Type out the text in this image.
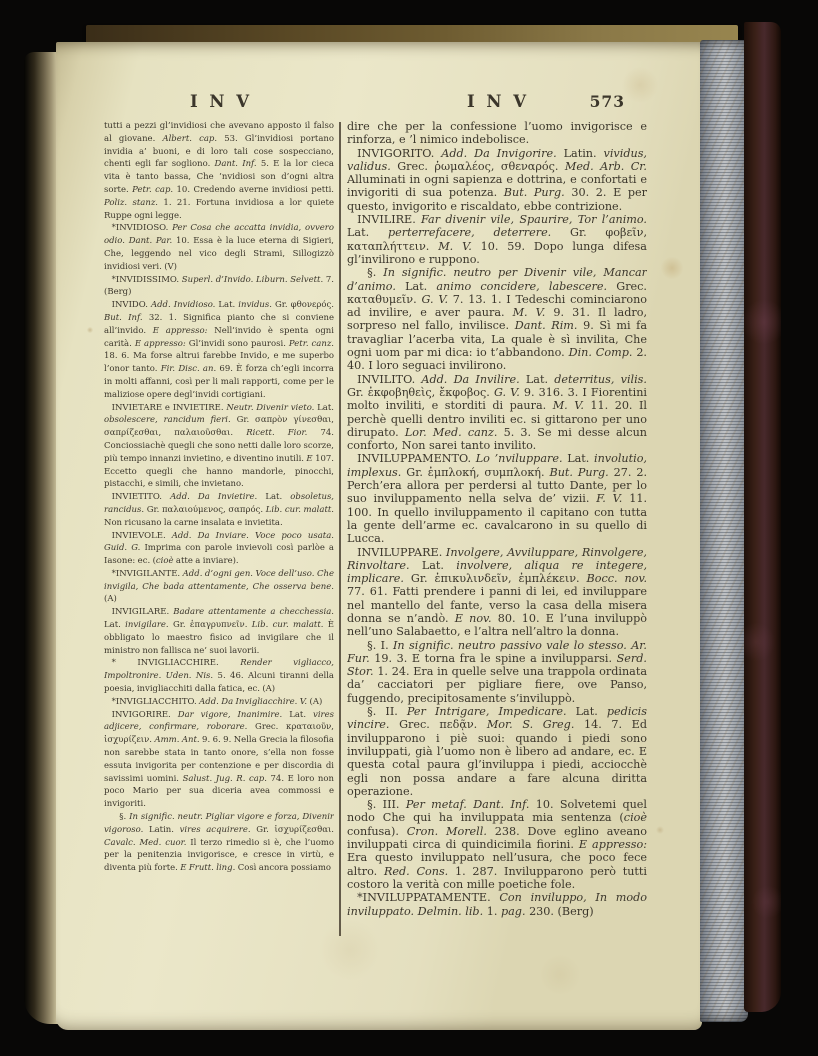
I N V	I N V	573

tutti a pezzi gl’invidiosi che avevano apposto il falso al giovane. Albert. cap. 53. Gl’invidiosi portano invidia a’ buoni, e di loro tali cose sospecciano, chenti egli far sogliono. Dant. Inf. 5. E la lor cieca vita è tanto bassa, Che ’nvidiosi son d’ogni altra sorte. Petr. cap. 10. Credendo averne invidiosi petti. Poliz. stanz. 1. 21. Fortuna invidiosa a lor quiete Ruppe ogni legge.

*INVIDIOSO. Per Cosa che accatta invidia, ovvero odio. Dant. Par. 10. Essa è la luce eterna di Sigieri, Che, leggendo nel vico degli Strami, Sillogizzò invidiosi veri. (V)

*INVIDISSIMO. Superl. d’Invido. Liburn. Selvett. 7. (Berg)

INVIDO. Add. Invidioso. Lat. invidus. Gr. φθονερός. But. Inf. 32. 1. Significa pianto che si conviene all’invido. E appresso: Nell’invido è spenta ogni carità. E appresso: Gl’invidi sono paurosi. Petr. canz. 18. 6. Ma forse altrui farebbe Invido, e me superbo l’onor tanto. Fir. Disc. an. 69. È forza ch’egli incorra in molti affanni, così per li mali rapporti, come per le maliziose opere degl’invidi cortigiani.

INVIETARE e INVIETIRE. Neutr. Divenir vieto. Lat. obsolescere, rancidum fieri. Gr. σαπρὸν γίνεσθαι, σαπρίζεσθαι, παλαιοῦσθαι. Ricett. Fior. 74. Conciossiachè quegli che sono netti dalle loro scorze, più tempo innanzi invietino, e diventino inutili. E 107. Eccetto quegli che hanno mandorle, pinocchi, pistacchi, e simili, che invietano.

INVIETITO. Add. Da Invietire. Lat. obsoletus, rancidus. Gr. παλαιούμενος, σαπρός. Lib. cur. malatt. Non ricusano la carne insalata e invietita.

INVIEVOLE. Add. Da Inviare. Voce poco usata. Guid. G. Imprima con parole invievoli così parlòe a Iasone: ec. (cioè atte a inviare).

*INVIGILANTE. Add. d’ogni gen. Voce dell’uso. Che invigila, Che bada attentamente, Che osserva bene. (A)

INVIGILARE. Badare attentamente a checchessia. Lat. invigilare. Gr. ἐπαγρυπνεῖν. Lib. cur. malatt. È obbligato lo maestro fisico ad invigilare che il ministro non fallisca ne’ suoi lavorii.

* INVIGLIACCHIRE. Render vigliacco, Impoltronire. Uden. Nis. 5. 46. Alcuni tiranni della poesia, invigliacchiti dalla fatica, ec. (A)

*INVIGLIACCHITO. Add. Da Invigliacchire. V. (A)

INVIGORIRE. Dar vigore, Inanimire. Lat. vires adjicere, confirmare, roborare. Grec. κραταιοῦν, ἰσχυρίζειν. Amm. Ant. 9. 6. 9. Nella Grecia la filosofia non sarebbe stata in tanto onore, s’ella non fosse essuta invigorita per contenzione e per discordia di savissimi uomini. Salust. Jug. R. cap. 74. E loro non poco Mario per sua diceria avea commossi e invigoriti.

§. In signific. neutr. Pigliar vigore e forza, Divenir vigoroso. Latin. vires acquirere. Gr. ἰσχυρίζεσθαι. Cavalc. Med. cuor. Il terzo rimedio si è, che l’uomo per la penitenzia invigorisce, e cresce in virtù, e diventa più forte. E Frutt. ling. Così ancora possiamo

dire che per la confessione l’uomo invigorisce e rinforza, e ’l nimico indebolisce.

INVIGORITO. Add. Da Invigorire. Latin. vividus, validus. Grec. ῥωμαλέος, σθεναρός. Med. Arb. Cr. Alluminati in ogni sapienza e dottrina, e confortati e invigoriti di sua potenza. But. Purg. 30. 2. E per questo, invigorito e riscaldato, ebbe contrizione.

INVILIRE. Far divenir vile, Spaurire, Tor l’animo. Lat. perterrefacere, deterrere. Gr. φοβεῖν, καταπλήττειν. M. V. 10. 59. Dopo lunga difesa gl’invilirono e ruppono.

§. In signific. neutro per Divenir vile, Mancar d’animo. Lat. animo concidere, labescere. Grec. καταθυμεῖν. G. V. 7. 13. 1. I Tedeschi cominciarono ad invilire, e aver paura. M. V. 9. 31. Il ladro, sorpreso nel fallo, invilisce. Dant. Rim. 9. Sì mi fa travagliar l’acerba vita, La quale è sì invilita, Che ogni uom par mi dica: io t’abbandono. Din. Comp. 2. 40. I loro seguaci invilirono.

INVILITO. Add. Da Invilire. Lat. deterritus, vilis. Gr. ἐκφοβηθεὶς, ἔκφοβος. G. V. 9. 316. 3. I Fiorentini molto inviliti, e storditi di paura. M. V. 11. 20. Il perchè quelli dentro inviliti ec. si gittarono per uno dirupato. Lor. Med. canz. 5. 3. Se mi desse alcun conforto, Non sarei tanto invilito.

INVILUPPAMENTO. Lo ’nviluppare. Lat. involutio, implexus. Gr. ἐμπλοκή, συμπλοκή. But. Purg. 27. 2. Perch’era allora per perdersi al tutto Dante, per lo suo inviluppamento nella selva de’ vizii. F. V. 11. 100. In quello inviluppamento il capitano con tutta la gente dell’arme ec. cavalcarono in su quello di Lucca.

INVILUPPARE. Involgere, Avviluppare, Rinvolgere, Rinvoltare. Lat. involvere, aliqua re integere, implicare. Gr. ἐπικυλινδεῖν, ἐμπλέκειν. Bocc. nov. 77. 61. Fatti prendere i panni di lei, ed inviluppare nel mantello del fante, verso la casa della misera donna se n’andò. E nov. 80. 10. E l’una inviluppò nell’uno Salabaetto, e l’altra nell’altro la donna.

§. I. In signific. neutro passivo vale lo stesso. Ar. Fur. 19. 3. E torna fra le spine a invilupparsi. Serd. Stor. 1. 24. Era in quelle selve una trappola ordinata da’ cacciatori per pigliare fiere, ove Panso, fuggendo, precipitosamente s’inviluppò.

§. II. Per Intrigare, Impedicare. Lat. pedicis vincire. Grec. πεδᾷν. Mor. S. Greg. 14. 7. Ed invilupparono i piè suoi: quando i piedi sono inviluppati, già l’uomo non è libero ad andare, ec. E questa cotal paura gl’inviluppa i piedi, acciocchè egli non possa andare a fare alcuna diritta operazione.

§. III. Per metaf. Dant. Inf. 10. Solvetemi quel nodo Che qui ha inviluppata mia sentenza (cioè confusa). Cron. Morell. 238. Dove eglino aveano inviluppati circa di quindicimila fiorini. E appresso: Era questo inviluppato nell’usura, che poco fece altro. Red. Cons. 1. 287. Invilupparono però tutti costoro la verità con mille poetiche fole.

*INVILUPPATAMENTE. Con inviluppo, In modo inviluppato. Delmin. lib. 1. pag. 230. (Berg)
